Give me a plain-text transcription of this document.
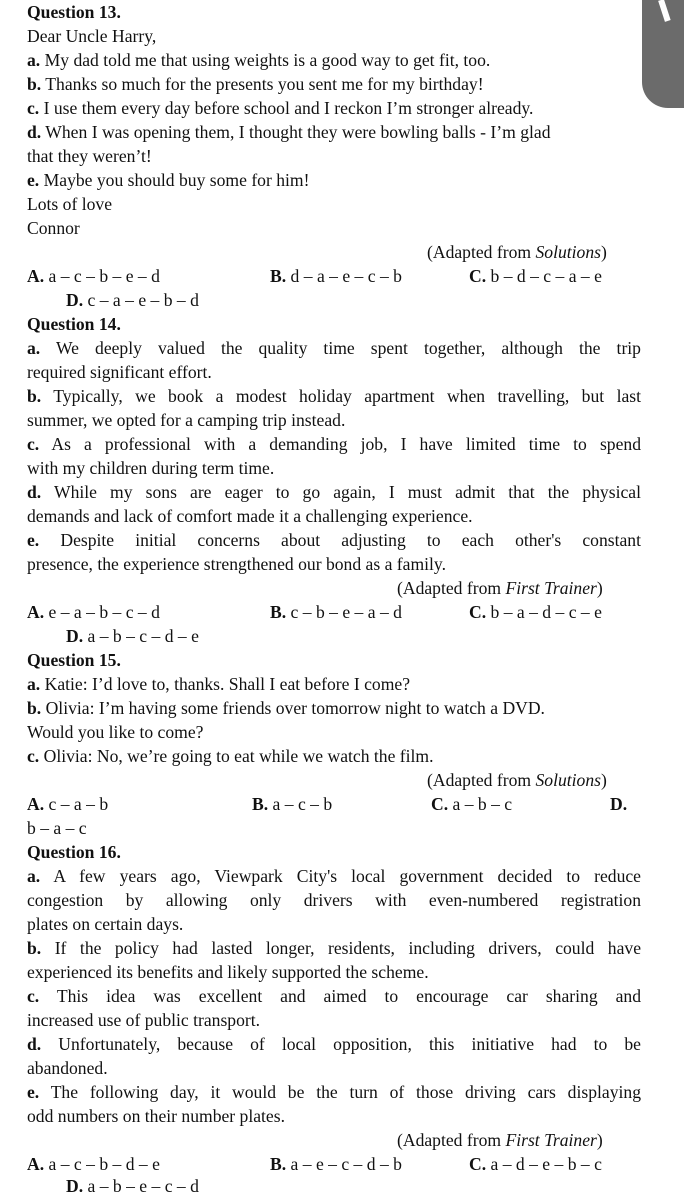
Question 13.
Dear Uncle Harry,
a. My dad told me that using weights is a good way to get fit, too.
b. Thanks so much for the presents you sent me for my birthday!
c. I use them every day before school and I reckon I’m stronger already.
d. When I was opening them, I thought they were bowling balls - I’m glad
that they weren’t!
e. Maybe you should buy some for him!
Lots of love
Connor
(Adapted from Solutions)
A. a – c – b – e – d	B. d – a – e – c – b	C. b – d – c – a – e
D. c – a – e – b – d
Question 14.
a. We deeply valued the quality time spent together, although the trip
required significant effort.
b. Typically, we book a modest holiday apartment when travelling, but last
summer, we opted for a camping trip instead.
c. As a professional with a demanding job, I have limited time to spend
with my children during term time.
d. While my sons are eager to go again, I must admit that the physical
demands and lack of comfort made it a challenging experience.
e. Despite initial concerns about adjusting to each other's constant
presence, the experience strengthened our bond as a family.
(Adapted from First Trainer)
A. e – a – b – c – d	B. c – b – e – a – d	C. b – a – d – c – e
D. a – b – c – d – e
Question 15.
a. Katie: I’d love to, thanks. Shall I eat before I come?
b. Olivia: I’m having some friends over tomorrow night to watch a DVD.
Would you like to come?
c. Olivia: No, we’re going to eat while we watch the film.
(Adapted from Solutions)
A. c – a – b	B. a – c – b	C. a – b – c	D.
b – a – c
Question 16.
a. A few years ago, Viewpark City's local government decided to reduce
congestion by allowing only drivers with even-numbered registration
plates on certain days.
b. If the policy had lasted longer, residents, including drivers, could have
experienced its benefits and likely supported the scheme.
c. This idea was excellent and aimed to encourage car sharing and
increased use of public transport.
d. Unfortunately, because of local opposition, this initiative had to be
abandoned.
e. The following day, it would be the turn of those driving cars displaying
odd numbers on their number plates.
(Adapted from First Trainer)
A. a – c – b – d – e	B. a – e – c – d – b	C. a – d – e – b – c
D. a – b – e – c – d
